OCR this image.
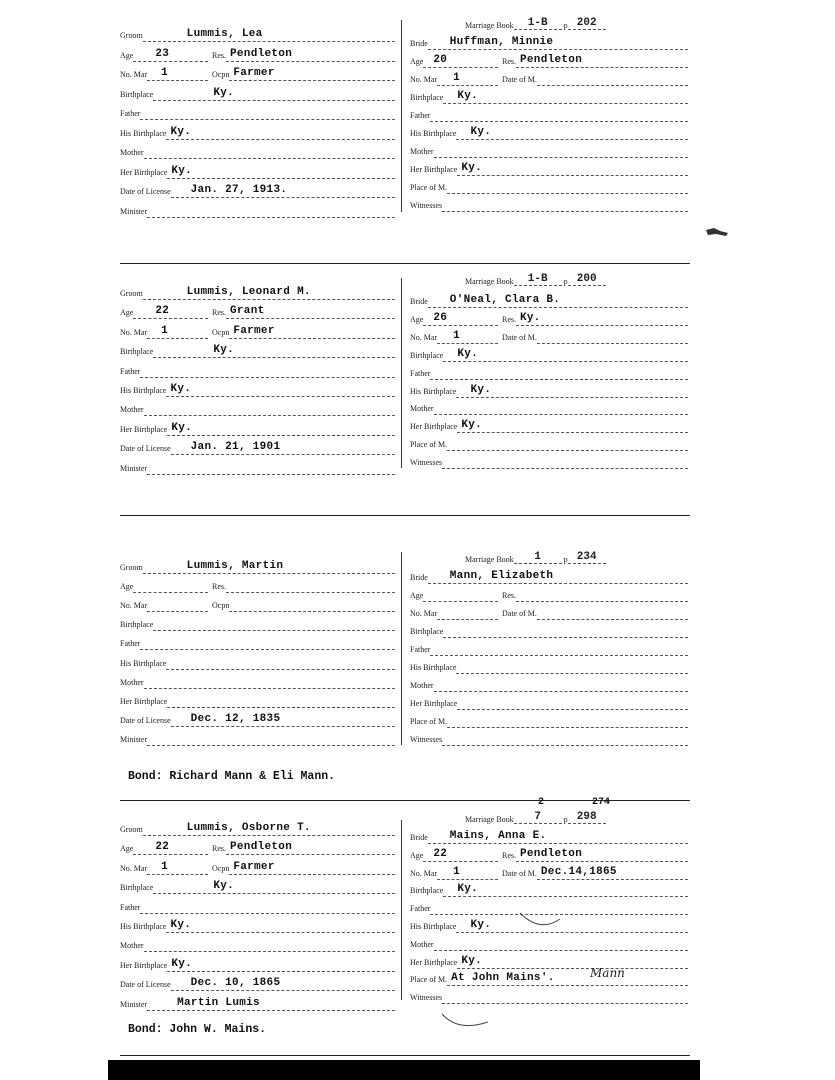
Groom	Lummis, Lea
Age 23	Res. Pendleton
No. Mar 1	Ocpn Farmer
Birthplace	Ky.
Father
His Birthplace Ky.
Mother
Her Birthplace Ky.
Date of License Jan. 27, 1913.
Minister
Bride Huffman, Minnie
Age 20	Res. Pendleton
No. Mar 1	Date of M.
Birthplace Ky.
Father
His Birthplace Ky.
Mother
Her Birthplace Ky.
Place of M.
Witnesses
Marriage Book	1-B	p 202
Groom	Lummis, Leonard M.
Age 22	Res. Grant
No. Mar 1	Ocpn Farmer
Birthplace	Ky.
Father
His Birthplace Ky.
Mother
Her Birthplace Ky.
Date of License Jan. 21, 1901
Minister
Bride O'Neal, Clara B.
Age 26	Res. Ky.
No. Mar 1	Date of M.
Birthplace Ky.
Father
His Birthplace Ky.
Mother
Her Birthplace Ky.
Place of M.
Witnesses
Marriage Book	1-B	p 200
Groom	Lummis, Martin
Age	Res.
No. Mar	Ocpn
Birthplace
Father
His Birthplace
Mother
Her Birthplace
Date of License Dec. 12, 1835
Minister
Bride Mann, Elizabeth
Age	Res.
No. Mar	Date of M.
Birthplace
Father
His Birthplace
Mother
Her Birthplace
Place of M.
Witnesses
Marriage Book	1	p 234
Bond: Richard Mann & Eli Mann.
Groom	Lummis, Osborne T.
Age 22	Res. Pendleton
No. Mar 1	Ocpn Farmer
Birthplace	Ky.
Father
His Birthplace Ky.
Mother
Her Birthplace Ky.
Date of License Dec. 10, 1865
Minister	Martin Lumis
Bride Mains, Anna E.
Age 22	Res. Pendleton
No. Mar 1	Date of M. Dec.14,1865
Birthplace Ky.
Father
His Birthplace Ky.
Mother
Her Birthplace Ky.
Place of M. At John Mains'.
Witnesses
Marriage Book	7	p 298
2	274
Mann
Bond: John W. Mains.
